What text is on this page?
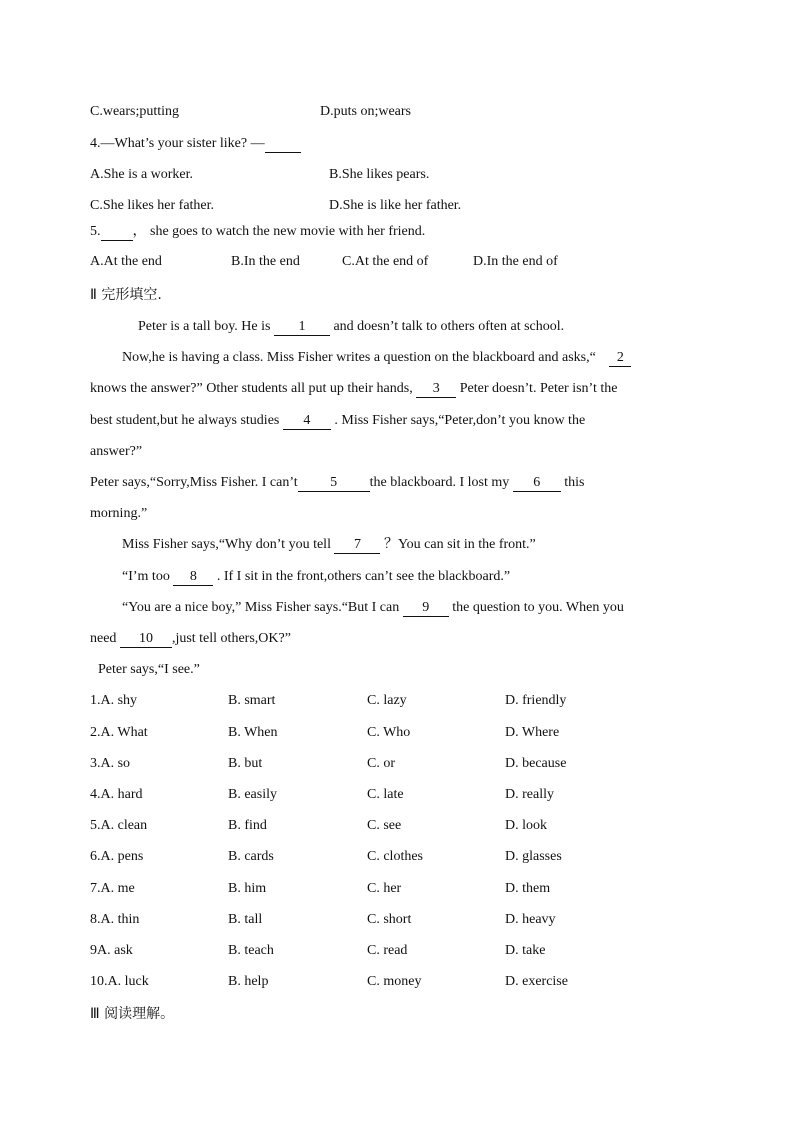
C.wears;putting	D.puts on;wears
4.—What’s your sister like? —
A.She is a worker.	B.She likes pears.
C.She likes her father.	D.She is like her father.
5. ， she goes to watch the new movie with her friend.
A.At the end	B.In the end	C.At the end of	D.In the end of
Ⅱ 完形填空.
Peter is a tall boy. He is 1 and doesn’t talk to others often at school.
Now,he is having a class. Miss Fisher writes a question on the blackboard and asks,“ 2
knows the answer?” Other students all put up their hands, 3 Peter doesn’t. Peter isn’t the
best student,but he always studies 4 . Miss Fisher says,“Peter,don’t you know the
answer?”
Peter says,“Sorry,Miss Fisher. I can’t 5 the blackboard. I lost my 6 this
morning.”
Miss Fisher says,“Why don’t you tell 7 ？You can sit in the front.”
“I’m too 8 . If I sit in the front,others can’t see the blackboard.”
“You are a nice boy,” Miss Fisher says.“But I can 9 the question to you. When you
need 10 ,just tell others,OK?”
Peter says,“I see.”
1.A. shy	B. smart	C. lazy	D. friendly
2.A. What	B. When	C. Who	D. Where
3.A. so	B. but	C. or	D. because
4.A. hard	B. easily	C. late	D. really
5.A. clean	B. find	C. see	D. look
6.A. pens	B. cards	C. clothes	D. glasses
7.A. me	B. him	C. her	D. them
8.A. thin	B. tall	C. short	D. heavy
9A. ask	B. teach	C. read	D. take
10.A. luck	B. help	C. money	D. exercise
Ⅲ 阅读理解。
